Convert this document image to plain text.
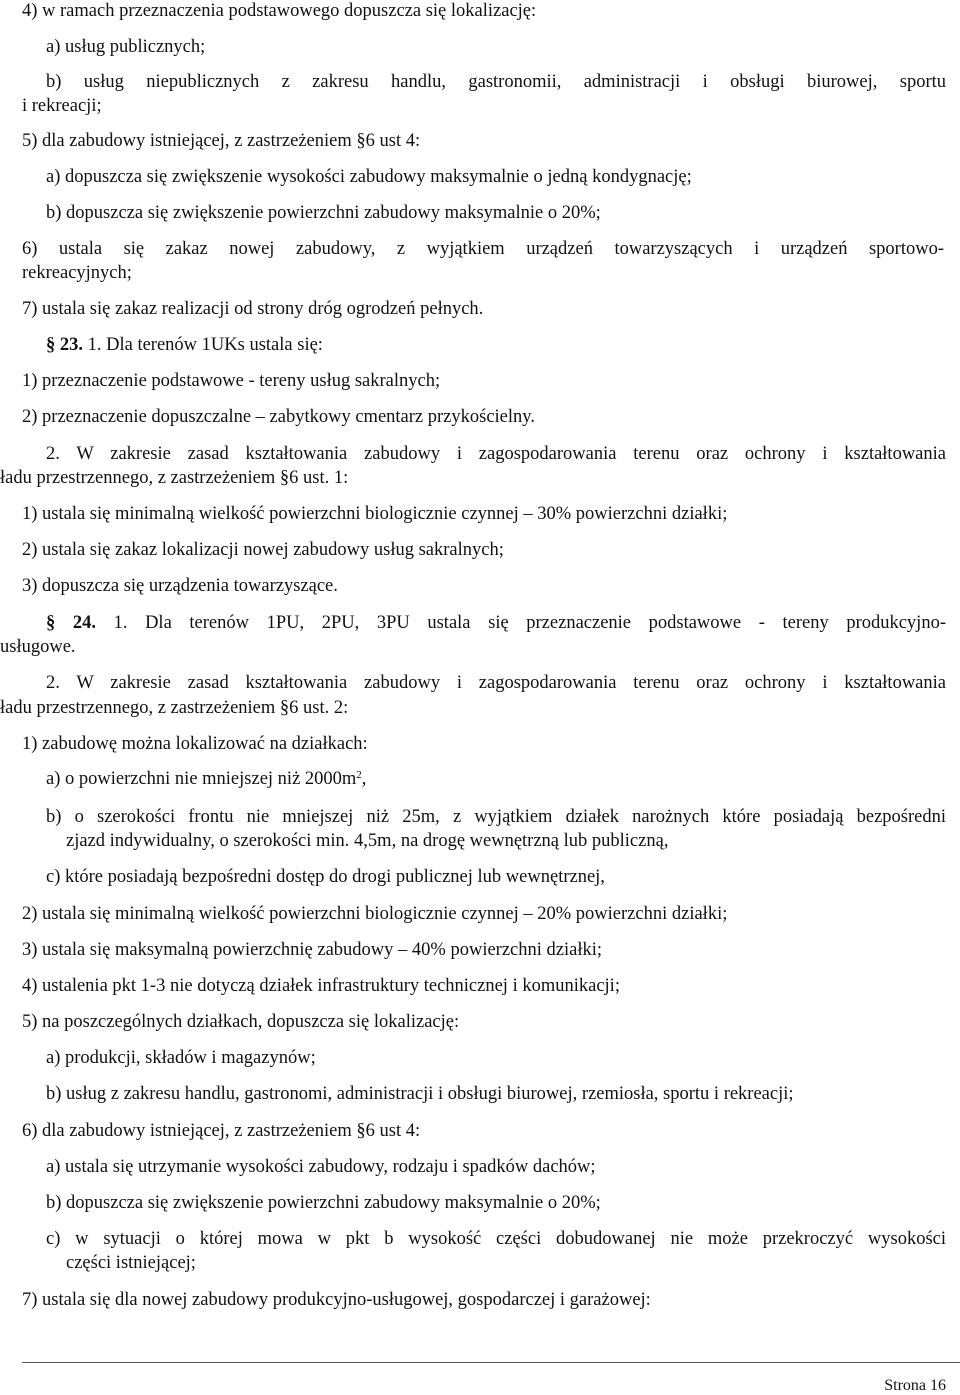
4) w ramach przeznaczenia podstawowego dopuszcza się lokalizację:
a) usług publicznych;
b) usług niepublicznych z zakresu handlu, gastronomii, administracji i obsługi biurowej, sportu
i rekreacji;
5) dla zabudowy istniejącej, z zastrzeżeniem §6 ust 4:
a) dopuszcza się zwiększenie wysokości zabudowy maksymalnie o jedną kondygnację;
b) dopuszcza się zwiększenie powierzchni zabudowy maksymalnie o 20%;
6) ustala się zakaz nowej zabudowy, z wyjątkiem urządzeń towarzyszących i urządzeń sportowo-
rekreacyjnych;
7) ustala się zakaz realizacji od strony dróg ogrodzeń pełnych.
§ 23. 1. Dla terenów 1UKs ustala się:
1) przeznaczenie podstawowe - tereny usług sakralnych;
2) przeznaczenie dopuszczalne – zabytkowy cmentarz przykościelny.
2. W zakresie zasad kształtowania zabudowy i zagospodarowania terenu oraz ochrony i kształtowania
ładu przestrzennego, z zastrzeżeniem §6 ust. 1:
1) ustala się minimalną wielkość powierzchni biologicznie czynnej – 30% powierzchni działki;
2) ustala się zakaz lokalizacji nowej zabudowy usług sakralnych;
3) dopuszcza się urządzenia towarzyszące.
§ 24. 1. Dla terenów 1PU, 2PU, 3PU ustala się przeznaczenie podstawowe - tereny produkcyjno-
usługowe.
2. W zakresie zasad kształtowania zabudowy i zagospodarowania terenu oraz ochrony i kształtowania
ładu przestrzennego, z zastrzeżeniem §6 ust. 2:
1) zabudowę można lokalizować na działkach:
a) o powierzchni nie mniejszej niż $2000m^2$,
b) o szerokości frontu nie mniejszej niż 25m, z wyjątkiem działek narożnych które posiadają bezpośredni
zjazd indywidualny, o szerokości min. 4,5m, na drogę wewnętrzną lub publiczną,
c) które posiadają bezpośredni dostęp do drogi publicznej lub wewnętrznej,
2) ustala się minimalną wielkość powierzchni biologicznie czynnej – 20% powierzchni działki;
3) ustala się maksymalną powierzchnię zabudowy – 40% powierzchni działki;
4) ustalenia pkt 1-3 nie dotyczą działek infrastruktury technicznej i komunikacji;
5) na poszczególnych działkach, dopuszcza się lokalizację:
a) produkcji, składów i magazynów;
b) usług z zakresu handlu, gastronomi, administracji i obsługi biurowej, rzemiosła, sportu i rekreacji;
6) dla zabudowy istniejącej, z zastrzeżeniem §6 ust 4:
a) ustala się utrzymanie wysokości zabudowy, rodzaju i spadków dachów;
b) dopuszcza się zwiększenie powierzchni zabudowy maksymalnie o 20%;
c) w sytuacji o której mowa w pkt b wysokość części dobudowanej nie może przekroczyć wysokości
części istniejącej;
7) ustala się dla nowej zabudowy produkcyjno-usługowej, gospodarczej i garażowej:
Strona 16
